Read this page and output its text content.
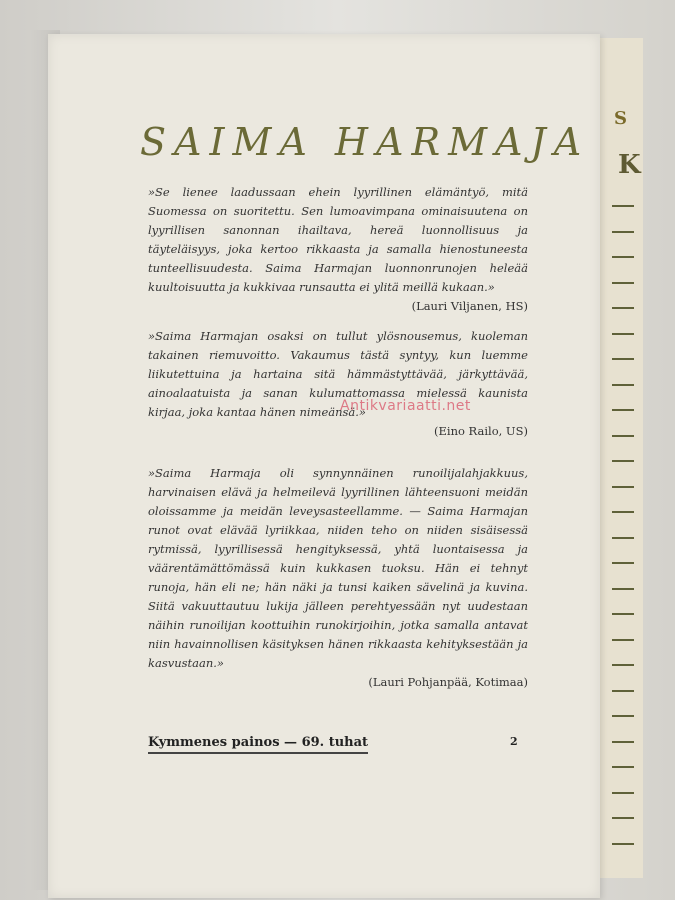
S
K
SAIMA HARMAJA
»Se lienee laadussaan ehein lyyrillinen elämäntyö, mitä Suomessa on suoritettu. Sen lumoavimpana ominaisuutena on lyyrillisen sanonnan ihailtava, hereä luonnollisuus ja täyteläisyys, joka kertoo rikkaasta ja samalla hienostuneesta tunteellisuudesta. Saima Harmajan luonnonrunojen heleää kuultoisuutta ja kukkivaa runsautta ei ylitä meillä kukaan.»
(Lauri Viljanen, HS)
»Saima Harmajan osaksi on tullut ylösnousemus, kuoleman takainen riemuvoitto. Vakaumus tästä syntyy, kun luemme liikutettuina ja hartaina sitä hämmästyttävää, järkyttävää, ainoalaatuista ja sanan kulumattomassa mielessä kaunista kirjaa, joka kantaa hänen nimeänsä.»
(Eino Railo, US)
»Saima Harmaja oli synnynnäinen runoilijalahjakkuus, harvinaisen elävä ja helmeilevä lyyrillinen lähteensuoni meidän oloissamme ja meidän leveysasteellamme. — Saima Harmajan runot ovat elävää lyriikkaa, niiden teho on niiden sisäisessä rytmissä, lyyrillisessä hengityksessä, yhtä luontaisessa ja väärentämättömässä kuin kukkasen tuoksu. Hän ei tehnyt runoja, hän eli ne; hän näki ja tunsi kaiken sävelinä ja kuvina. Siitä vakuuttautuu lukija jälleen perehtyessään nyt uudestaan näihin runoilijan koottuihin runokirjoihin, jotka samalla antavat niin havainnollisen käsityksen hänen rikkaasta kehityksestään ja kasvustaan.»
(Lauri Pohjanpää, Kotimaa)
Kymmenes painos — 69. tuhat	2
Antikvariaatti.net
